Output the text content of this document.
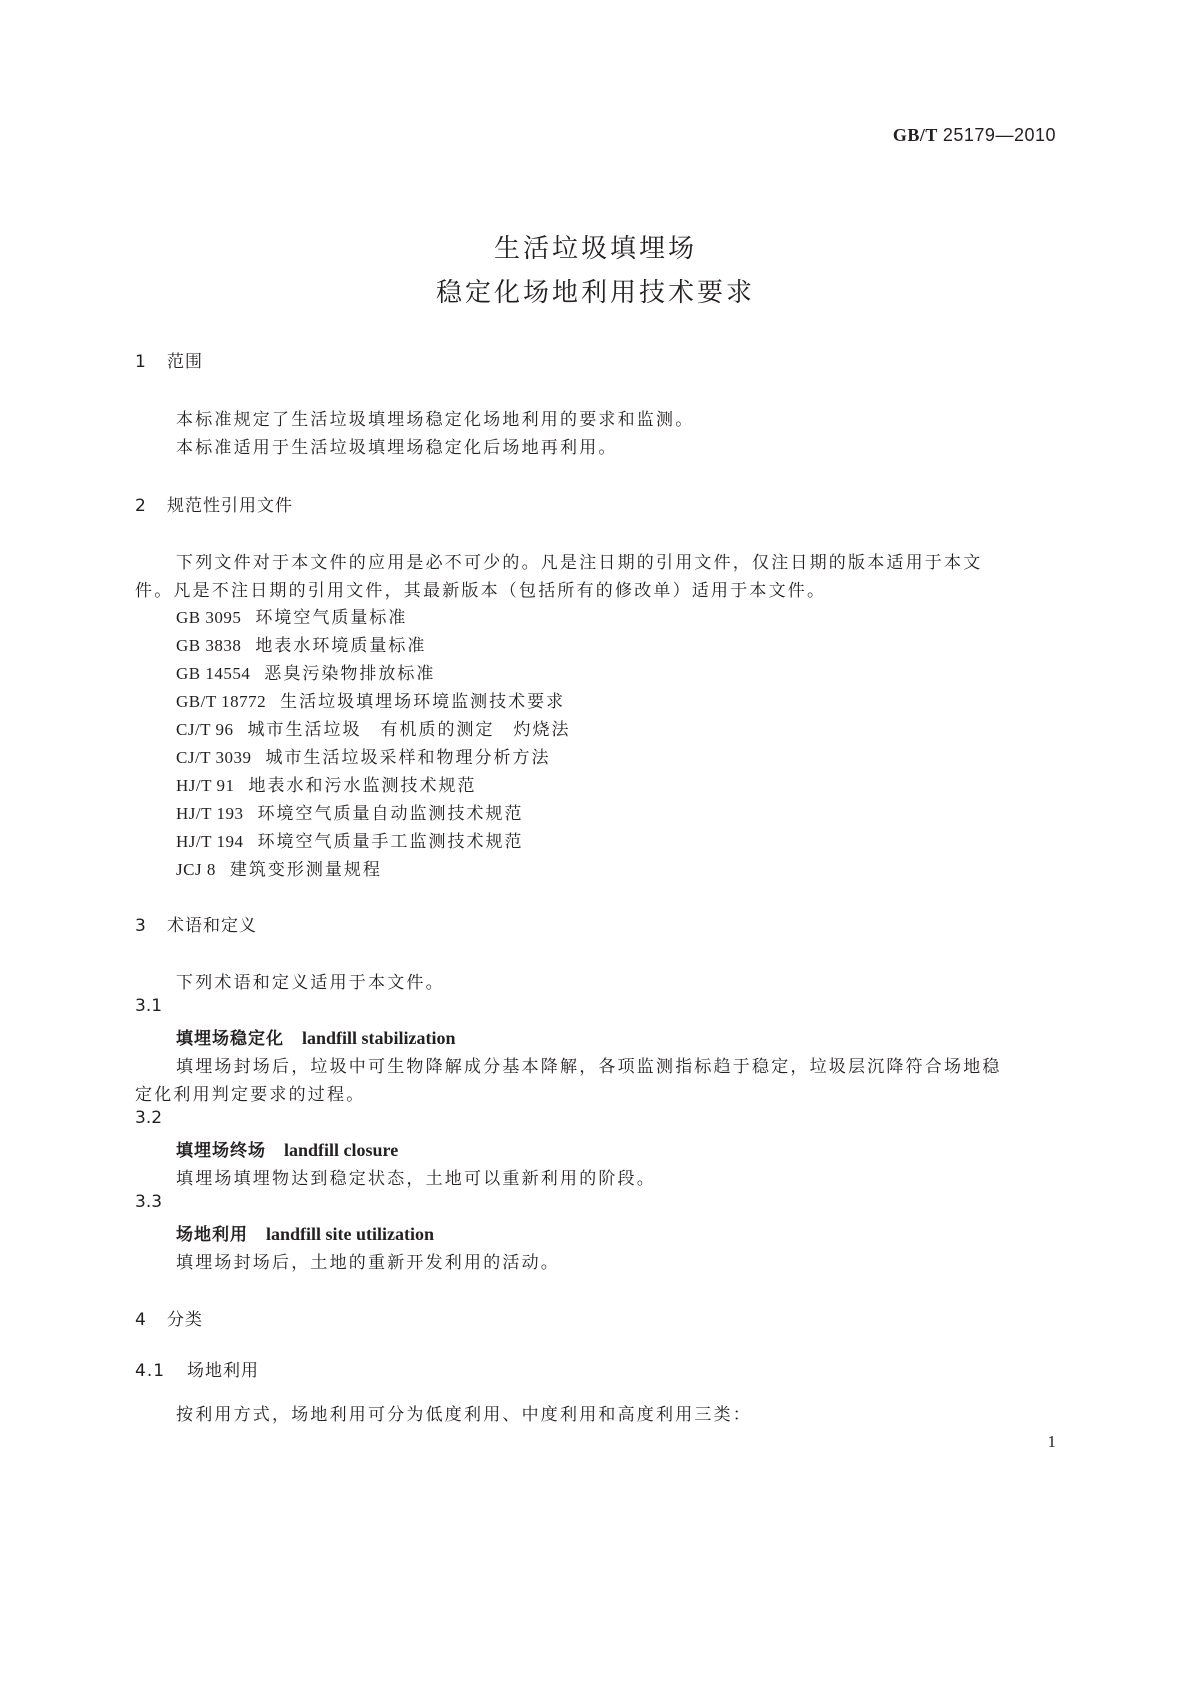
GB/T 25179—2010
生活垃圾填埋场
稳定化场地利用技术要求
1 范围
本标准规定了生活垃圾填埋场稳定化场地利用的要求和监测。
本标准适用于生活垃圾填埋场稳定化后场地再利用。
2 规范性引用文件
下列文件对于本文件的应用是必不可少的。凡是注日期的引用文件，仅注日期的版本适用于本文
件。凡是不注日期的引用文件，其最新版本（包括所有的修改单）适用于本文件。
GB 3095 环境空气质量标准
GB 3838 地表水环境质量标准
GB 14554 恶臭污染物排放标准
GB/T 18772 生活垃圾填埋场环境监测技术要求
CJ/T 96 城市生活垃圾　有机质的测定　灼烧法
CJ/T 3039 城市生活垃圾采样和物理分析方法
HJ/T 91 地表水和污水监测技术规范
HJ/T 193 环境空气质量自动监测技术规范
HJ/T 194 环境空气质量手工监测技术规范
JCJ 8 建筑变形测量规程
3 术语和定义
下列术语和定义适用于本文件。
3.1
填埋场稳定化 landfill stabilization
填埋场封场后，垃圾中可生物降解成分基本降解，各项监测指标趋于稳定，垃圾层沉降符合场地稳
定化利用判定要求的过程。
3.2
填埋场终场 landfill closure
填埋场填埋物达到稳定状态，土地可以重新利用的阶段。
3.3
场地利用 landfill site utilization
填埋场封场后，土地的重新开发利用的活动。
4 分类
4.1 场地利用
按利用方式，场地利用可分为低度利用、中度利用和高度利用三类：
1
